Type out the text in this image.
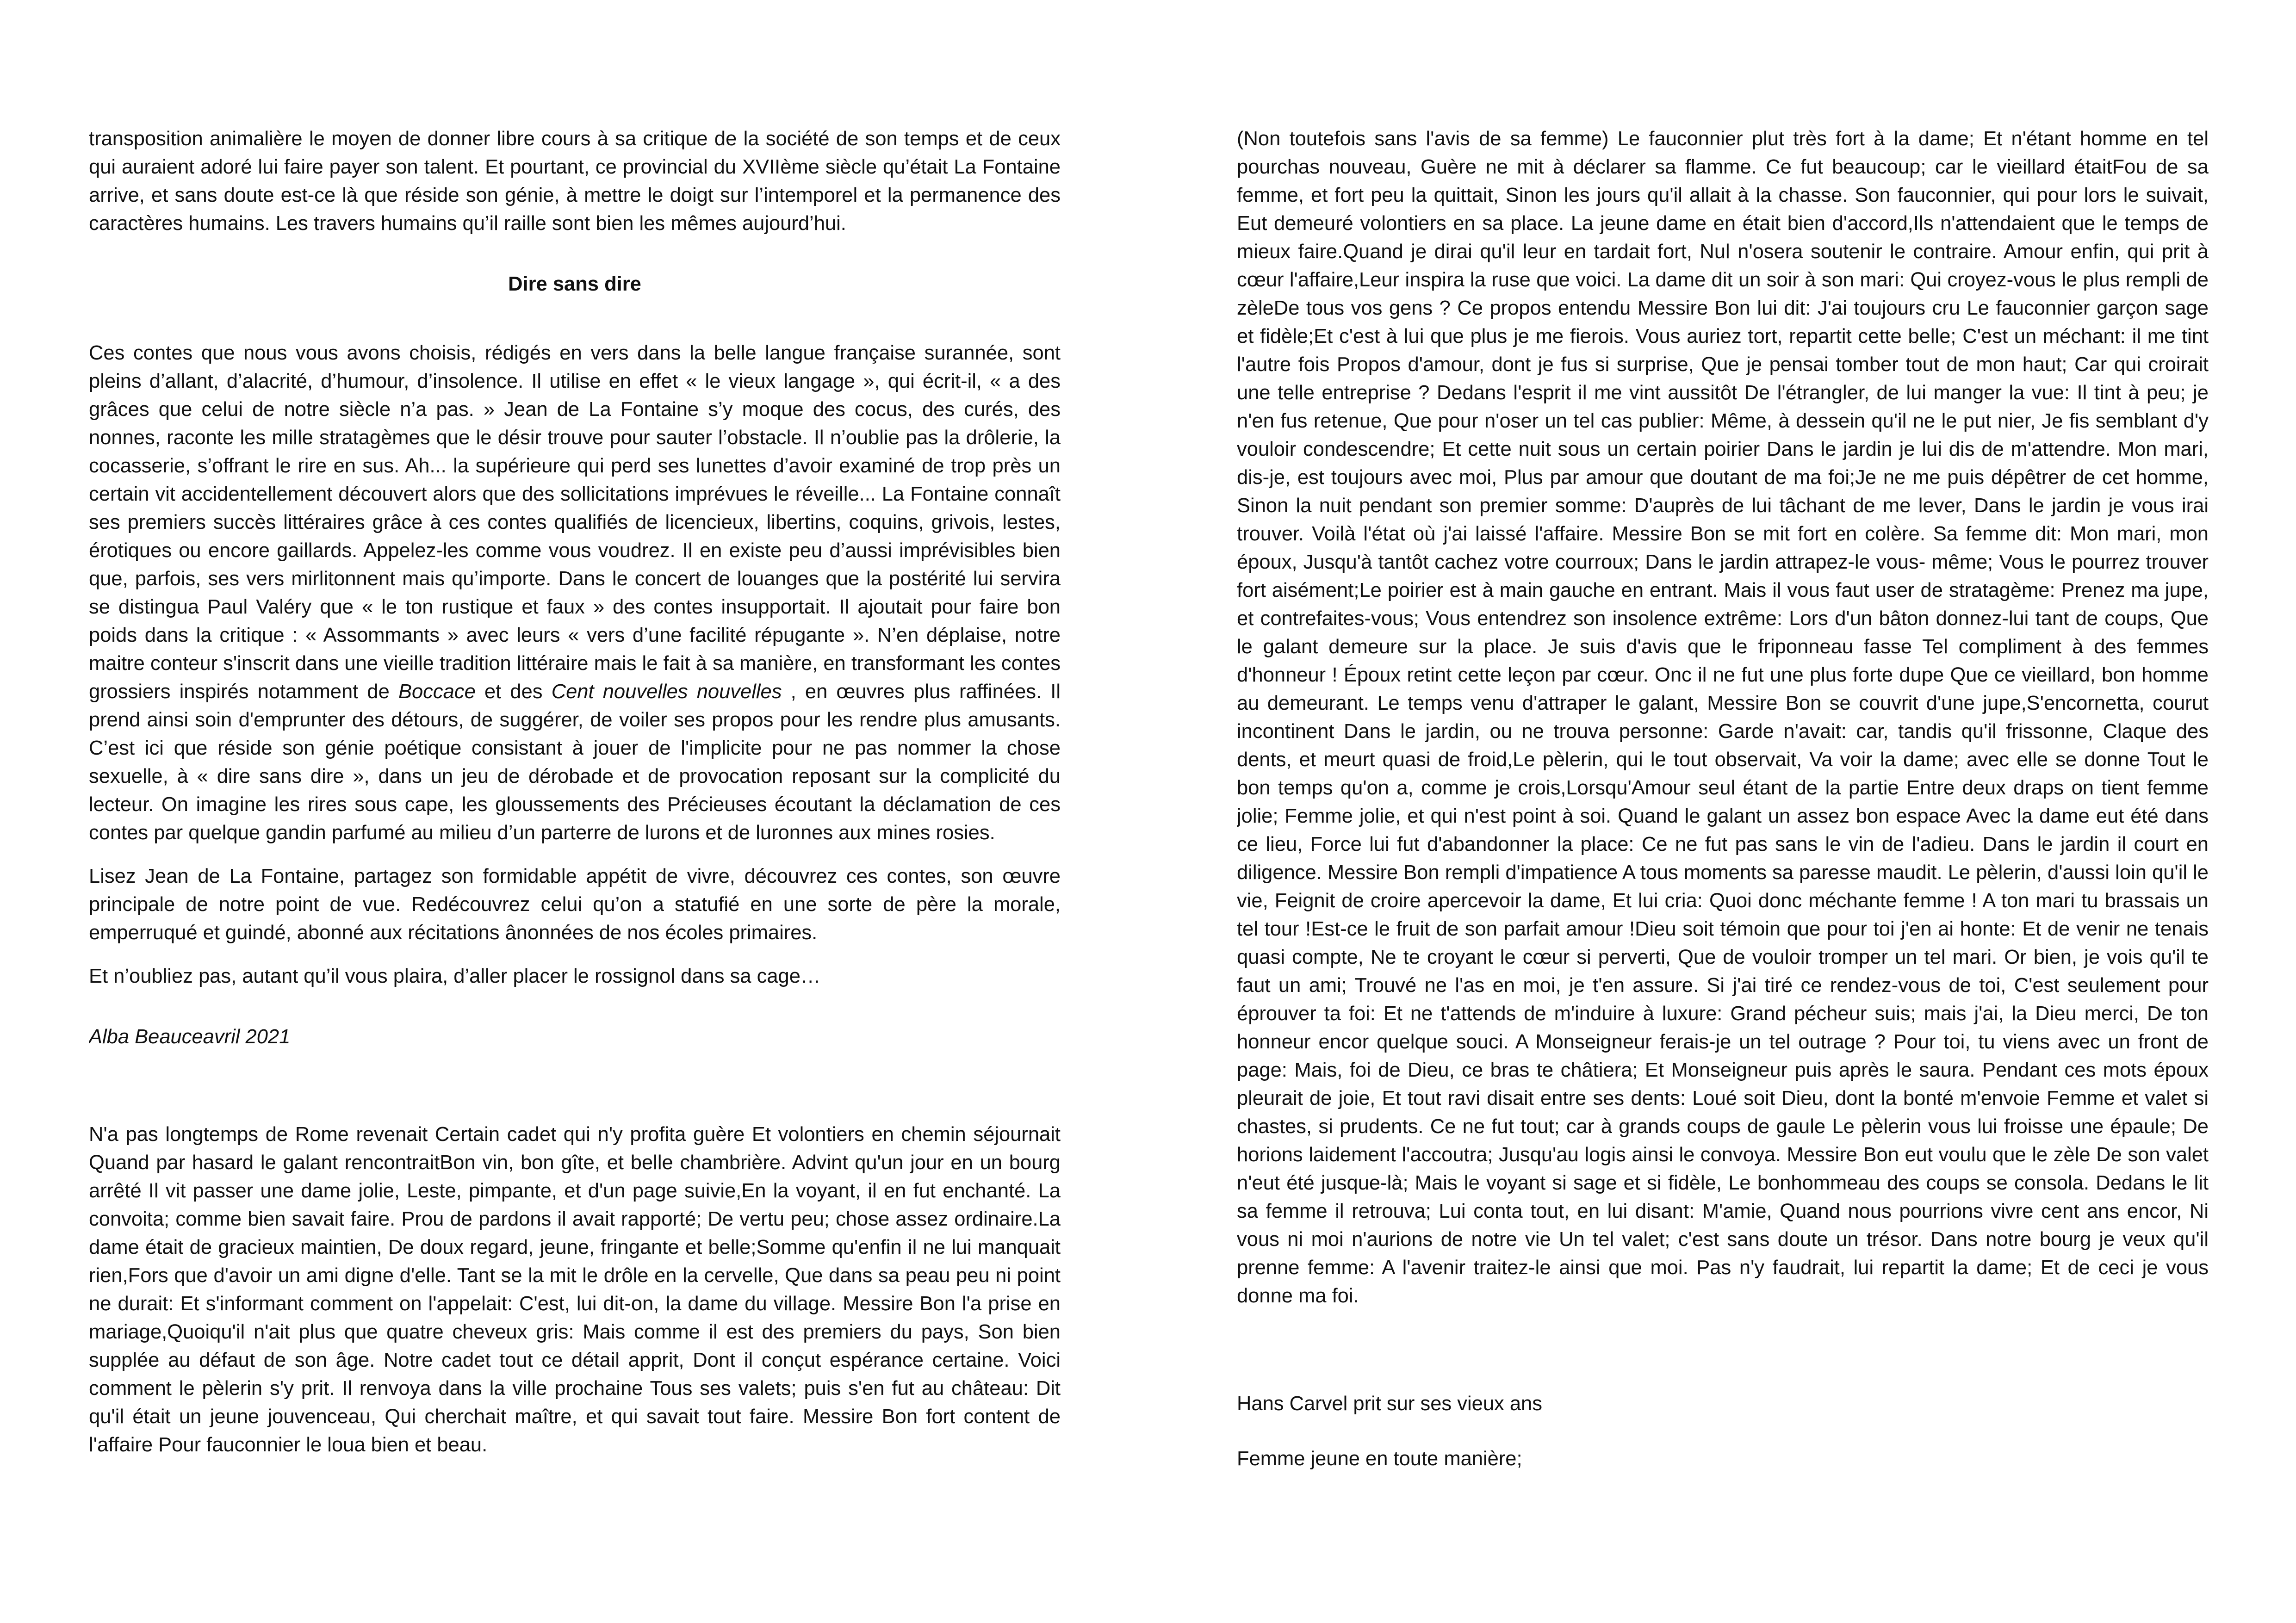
transposition animalière le moyen de donner libre cours à sa critique de la société de son temps et de ceux qui auraient adoré lui faire payer son talent. Et pourtant, ce provincial du XVIIème siècle qu’était La Fontaine arrive, et sans doute est-ce là que réside son génie, à mettre le doigt sur l’intemporel et la permanence des caractères humains. Les travers humains qu’il raille sont bien les mêmes aujourd’hui.

Dire sans dire

Ces contes que nous vous avons choisis, rédigés en vers dans la belle langue française surannée, sont pleins d’allant, d’alacrité, d’humour, d’insolence. Il utilise en effet « le vieux langage », qui écrit-il, « a des grâces que celui de notre siècle n’a pas. » Jean de La Fontaine s’y moque des cocus, des curés, des nonnes, raconte les mille stratagèmes que le désir trouve pour sauter l’obstacle. Il n’oublie pas la drôlerie, la cocasserie, s’offrant le rire en sus. Ah... la supérieure qui perd ses lunettes d’avoir examiné de trop près un certain vit accidentellement découvert alors que des sollicitations imprévues le réveille... La Fontaine connaît ses premiers succès littéraires grâce à ces contes qualifiés de licencieux, libertins, coquins, grivois, lestes, érotiques ou encore gaillards. Appelez-les comme vous voudrez. Il en existe peu d’aussi imprévisibles bien que, parfois, ses vers mirlitonnent mais qu’importe. Dans le concert de louanges que la postérité lui servira se distingua Paul Valéry que « le ton rustique et faux » des contes insupportait. Il ajoutait pour faire bon poids dans la critique : « Assommants » avec leurs « vers d’une facilité répugante ». N’en déplaise, notre maitre conteur s'inscrit dans une vieille tradition littéraire mais le fait à sa manière, en transformant les contes grossiers inspirés notamment de Boccace et des Cent nouvelles nouvelles , en œuvres plus raffinées. Il prend ainsi soin d'emprunter des détours, de suggérer, de voiler ses propos pour les rendre plus amusants. C’est ici que réside son génie poétique consistant à jouer de l'implicite pour ne pas nommer la chose sexuelle, à « dire sans dire », dans un jeu de dérobade et de provocation reposant sur la complicité du lecteur. On imagine les rires sous cape, les gloussements des Précieuses écoutant la déclamation de ces contes par quelque gandin parfumé au milieu d’un parterre de lurons et de luronnes aux mines rosies.

Lisez Jean de La Fontaine, partagez son formidable appétit de vivre, découvrez ces contes, son œuvre principale de notre point de vue. Redécouvrez celui qu’on a statufié en une sorte de père la morale, emperruqué et guindé, abonné aux récitations ânonnées de nos écoles primaires.

Et n’oubliez pas, autant qu’il vous plaira, d’aller placer le rossignol dans sa cage…

Alba Beauceavril 2021

N'a pas longtemps de Rome revenait Certain cadet qui n'y profita guère Et volontiers en chemin séjournait Quand par hasard le galant rencontraitBon vin, bon gîte, et belle chambrière. Advint qu'un jour en un bourg arrêté Il vit passer une dame jolie, Leste, pimpante, et d'un page suivie,En la voyant, il en fut enchanté. La convoita; comme bien savait faire. Prou de pardons il avait rapporté; De vertu peu; chose assez ordinaire.La dame était de gracieux maintien, De doux regard, jeune, fringante et belle;Somme qu'enfin il ne lui manquait rien,Fors que d'avoir un ami digne d'elle. Tant se la mit le drôle en la cervelle, Que dans sa peau peu ni point ne durait: Et s'informant comment on l'appelait: C'est, lui dit-on, la dame du village. Messire Bon l'a prise en mariage,Quoiqu'il n'ait plus que quatre cheveux gris: Mais comme il est des premiers du pays, Son bien supplée au défaut de son âge. Notre cadet tout ce détail apprit, Dont il conçut espérance certaine. Voici comment le pèlerin s'y prit. Il renvoya dans la ville prochaine Tous ses valets; puis s'en fut au château: Dit qu'il était un jeune jouvenceau, Qui cherchait maître, et qui savait tout faire. Messire Bon fort content de l'affaire Pour fauconnier le loua bien et beau.

(Non toutefois sans l'avis de sa femme) Le fauconnier plut très fort à la dame; Et n'étant homme en tel pourchas nouveau, Guère ne mit à déclarer sa flamme. Ce fut beaucoup; car le vieillard étaitFou de sa femme, et fort peu la quittait, Sinon les jours qu'il allait à la chasse. Son fauconnier, qui pour lors le suivait, Eut demeuré volontiers en sa place. La jeune dame en était bien d'accord,Ils n'attendaient que le temps de mieux faire.Quand je dirai qu'il leur en tardait fort, Nul n'osera soutenir le contraire. Amour enfin, qui prit à cœur l'affaire,Leur inspira la ruse que voici. La dame dit un soir à son mari: Qui croyez-vous le plus rempli de zèleDe tous vos gens ? Ce propos entendu Messire Bon lui dit: J'ai toujours cru Le fauconnier garçon sage et fidèle;Et c'est à lui que plus je me fierois. Vous auriez tort, repartit cette belle; C'est un méchant: il me tint l'autre fois Propos d'amour, dont je fus si surprise, Que je pensai tomber tout de mon haut; Car qui croirait une telle entreprise ? Dedans l'esprit il me vint aussitôt De l'étrangler, de lui manger la vue: Il tint à peu; je n'en fus retenue, Que pour n'oser un tel cas publier: Même, à dessein qu'il ne le put nier, Je fis semblant d'y vouloir condescendre; Et cette nuit sous un certain poirier Dans le jardin je lui dis de m'attendre. Mon mari, dis-je, est toujours avec moi, Plus par amour que doutant de ma foi;Je ne me puis dépêtrer de cet homme, Sinon la nuit pendant son premier somme: D'auprès de lui tâchant de me lever, Dans le jardin je vous irai trouver. Voilà l'état où j'ai laissé l'affaire. Messire Bon se mit fort en colère. Sa femme dit: Mon mari, mon époux, Jusqu'à tantôt cachez votre courroux; Dans le jardin attrapez-le vous- même; Vous le pourrez trouver fort aisément;Le poirier est à main gauche en entrant. Mais il vous faut user de stratagème: Prenez ma jupe, et contrefaites-vous; Vous entendrez son insolence extrême: Lors d'un bâton donnez-lui tant de coups, Que le galant demeure sur la place. Je suis d'avis que le friponneau fasse Tel compliment à des femmes d'honneur ! Époux retint cette leçon par cœur. Onc il ne fut une plus forte dupe Que ce vieillard, bon homme au demeurant. Le temps venu d'attraper le galant, Messire Bon se couvrit d'une jupe,S'encornetta, courut incontinent Dans le jardin, ou ne trouva personne: Garde n'avait: car, tandis qu'il frissonne, Claque des dents, et meurt quasi de froid,Le pèlerin, qui le tout observait, Va voir la dame; avec elle se donne Tout le bon temps qu'on a, comme je crois,Lorsqu'Amour seul étant de la partie Entre deux draps on tient femme jolie; Femme jolie, et qui n'est point à soi. Quand le galant un assez bon espace Avec la dame eut été dans ce lieu, Force lui fut d'abandonner la place: Ce ne fut pas sans le vin de l'adieu. Dans le jardin il court en diligence. Messire Bon rempli d'impatience A tous moments sa paresse maudit. Le pèlerin, d'aussi loin qu'il le vie, Feignit de croire apercevoir la dame, Et lui cria: Quoi donc méchante femme ! A ton mari tu brassais un tel tour !Est-ce le fruit de son parfait amour !Dieu soit témoin que pour toi j'en ai honte: Et de venir ne tenais quasi compte, Ne te croyant le cœur si perverti, Que de vouloir tromper un tel mari. Or bien, je vois qu'il te faut un ami; Trouvé ne l'as en moi, je t'en assure. Si j'ai tiré ce rendez-vous de toi, C'est seulement pour éprouver ta foi: Et ne t'attends de m'induire à luxure: Grand pécheur suis; mais j'ai, la Dieu merci, De ton honneur encor quelque souci. A Monseigneur ferais-je un tel outrage ? Pour toi, tu viens avec un front de page: Mais, foi de Dieu, ce bras te châtiera; Et Monseigneur puis après le saura. Pendant ces mots époux pleurait de joie, Et tout ravi disait entre ses dents: Loué soit Dieu, dont la bonté m'envoie Femme et valet si chastes, si prudents. Ce ne fut tout; car à grands coups de gaule Le pèlerin vous lui froisse une épaule; De horions laidement l'accoutra; Jusqu'au logis ainsi le convoya. Messire Bon eut voulu que le zèle De son valet n'eut été jusque-là; Mais le voyant si sage et si fidèle, Le bonhommeau des coups se consola. Dedans le lit sa femme il retrouva; Lui conta tout, en lui disant: M'amie, Quand nous pourrions vivre cent ans encor, Ni vous ni moi n'aurions de notre vie Un tel valet; c'est sans doute un trésor. Dans notre bourg je veux qu'il prenne femme: A l'avenir traitez-le ainsi que moi. Pas n'y faudrait, lui repartit la dame; Et de ceci je vous donne ma foi.

Hans Carvel prit sur ses vieux ans

Femme jeune en toute manière;
